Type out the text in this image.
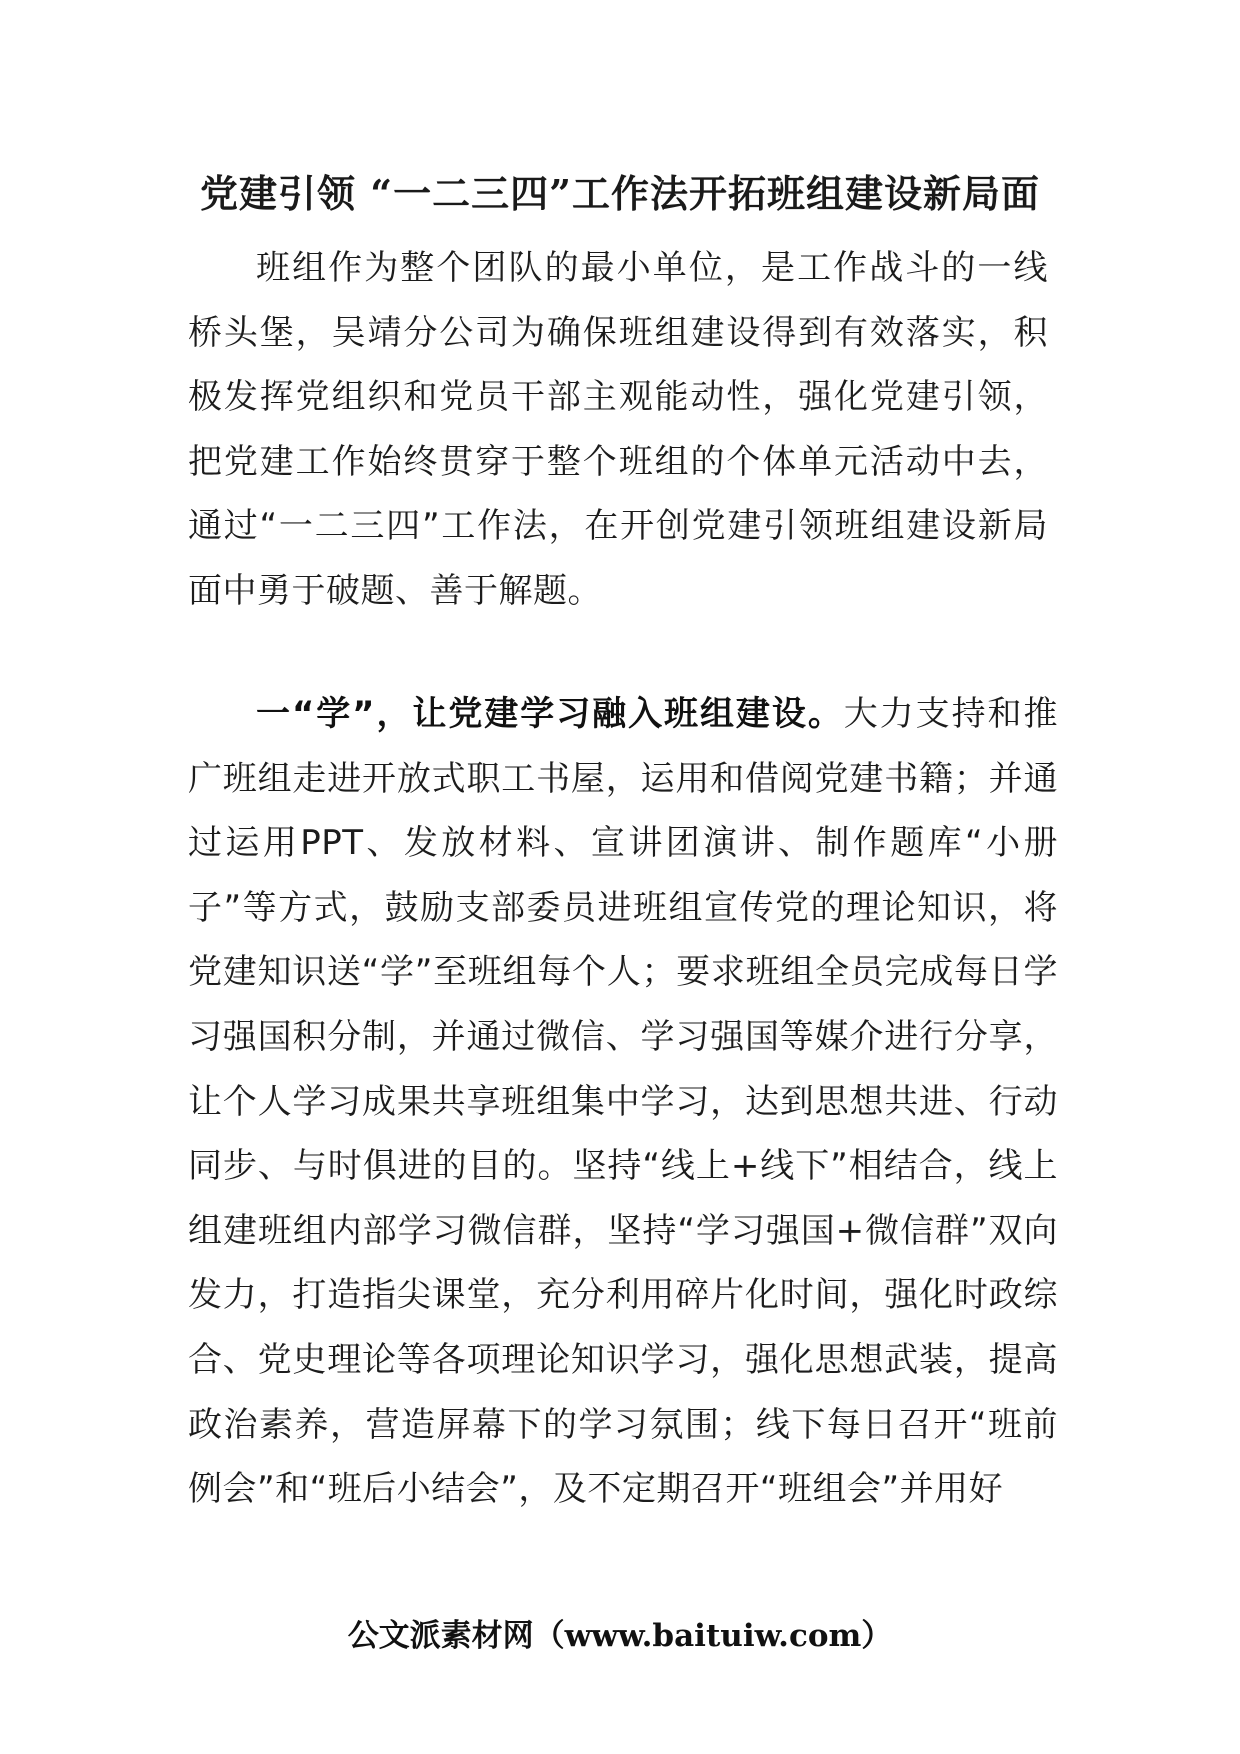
党建引领 “一二三四”工作法开拓班组建设新局面

班组作为整个团队的最小单位，是工作战斗的一线桥头堡，吴靖分公司为确保班组建设得到有效落实，积极发挥党组织和党员干部主观能动性，强化党建引领，把党建工作始终贯穿于整个班组的个体单元活动中去，通过“一二三四”工作法，在开创党建引领班组建设新局面中勇于破题、善于解题。

一“学”，让党建学习融入班组建设。大力支持和推广班组走进开放式职工书屋，运用和借阅党建书籍；并通过运用PPT、发放材料、宣讲团演讲、制作题库“小册子”等方式，鼓励支部委员进班组宣传党的理论知识，将党建知识送“学”至班组每个人；要求班组全员完成每日学习强国积分制，并通过微信、学习强国等媒介进行分享，让个人学习成果共享班组集中学习，达到思想共进、行动同步、与时俱进的目的。坚持“线上+线下”相结合，线上组建班组内部学习微信群，坚持“学习强国+微信群”双向发力，打造指尖课堂，充分利用碎片化时间，强化时政综合、党史理论等各项理论知识学习，强化思想武装，提高政治素养，营造屏幕下的学习氛围；线下每日召开“班前例会”和“班后小结会”，及不定期召开“班组会”并用好

公文派素材网（www.baituiw.com）
